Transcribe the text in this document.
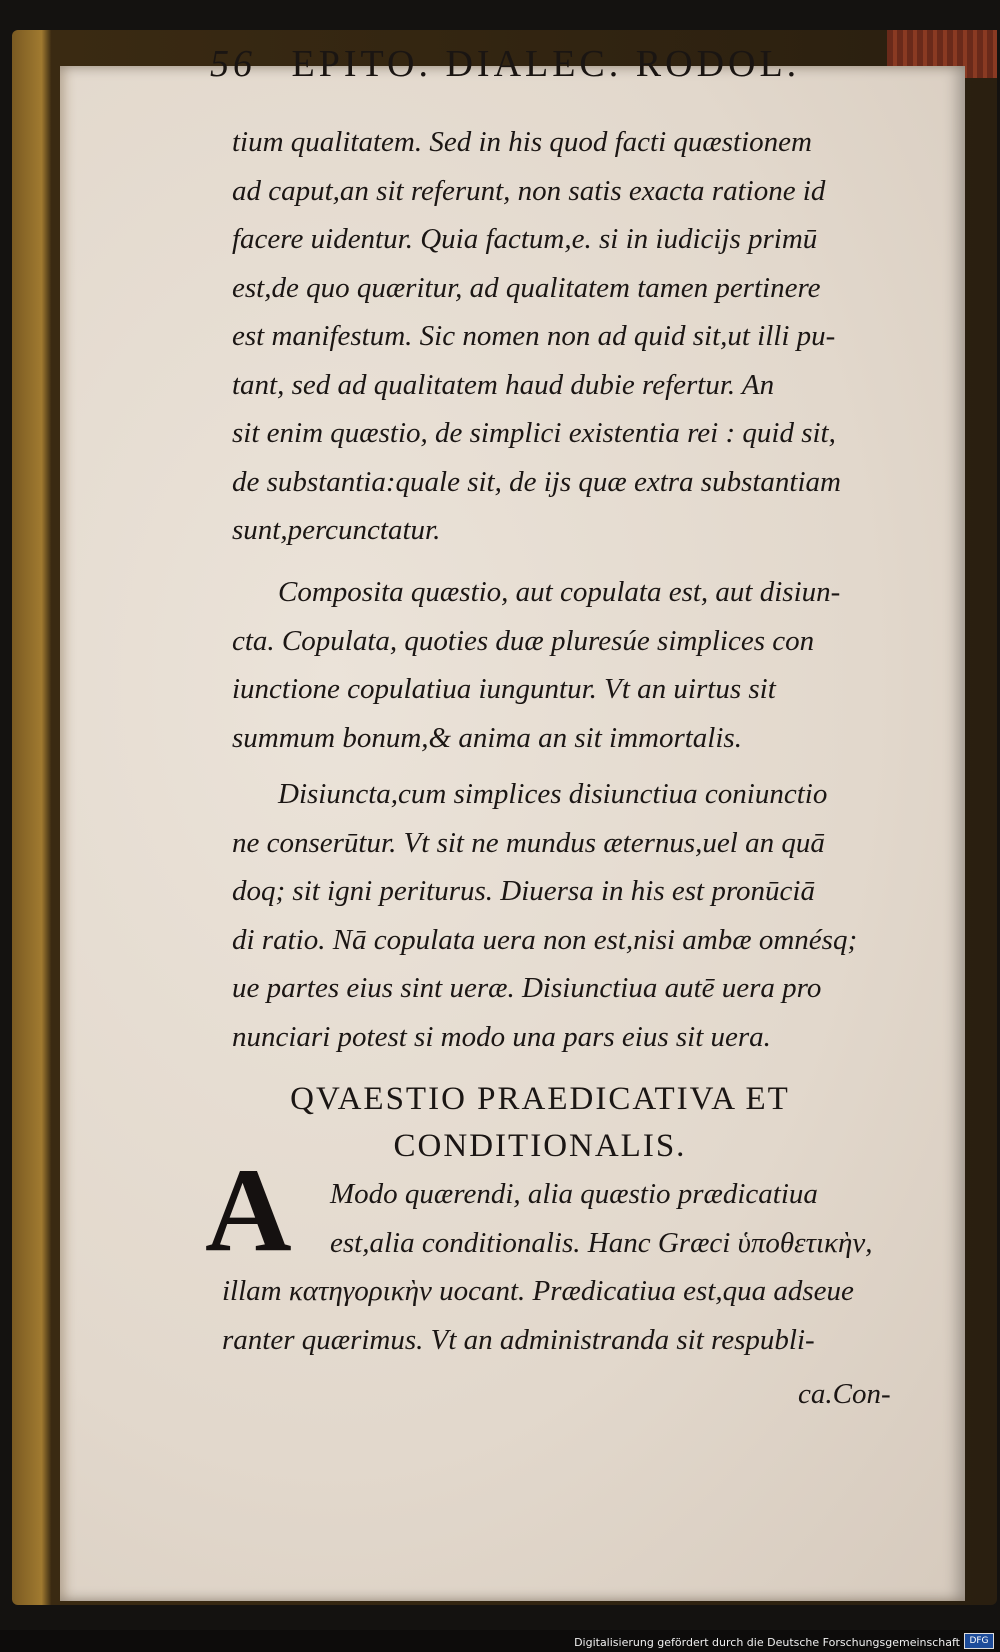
56 EPITO. DIALEC. RODOL.
tium qualitatem. Sed in his quod facti quæstionem
ad caput,an sit referunt, non satis exacta ratione id
facere uidentur. Quia factum,e. si in iudicijs primū
est,de quo quæritur, ad qualitatem tamen pertinere
est manifestum. Sic nomen non ad quid sit,ut illi pu-
tant, sed ad qualitatem haud dubie refertur. An
sit enim quæstio, de simplici existentia rei : quid sit,
de substantia:quale sit, de ijs quæ extra substantiam
sunt,percunctatur.
Composita quæstio, aut copulata est, aut disiun-
cta. Copulata, quoties duæ pluresúe simplices con
iunctione copulatiua iunguntur. Vt an uirtus sit
summum bonum,& anima an sit immortalis.
Disiuncta,cum simplices disiunctiua coniunctio
ne conserūtur. Vt sit ne mundus æternus,uel an quā
doq; sit igni periturus. Diuersa in his est pronūciā
di ratio. Nā copulata uera non est,nisi ambæ omnésq;
ue partes eius sint ueræ. Disiunctiua autē uera pro
nunciari potest si modo una pars eius sit uera.
QVAESTIO PRAEDICATIVA ET
CONDITIONALIS.
A	Modo quærendi, alia quæstio prædicatiua
est,alia conditionalis. Hanc Græci ὑποθετικὴν,
illam κατηγορικὴν uocant. Prædicatiua est,qua adseue
ranter quærimus. Vt an administranda sit respubli-
ca.Con-
Digitalisierung gefördert durch die Deutsche Forschungsgemeinschaft	DFG
